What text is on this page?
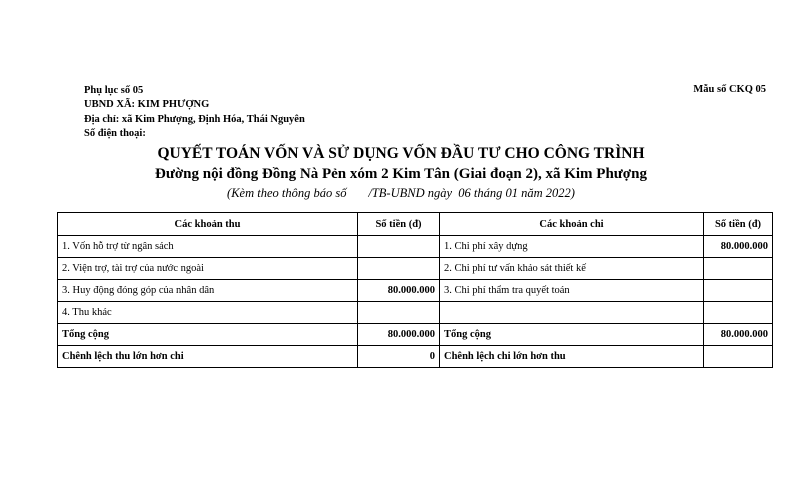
Phụ lục số 05	Mẫu số CKQ 05
UBND XÃ: KIM PHƯỢNG
Địa chỉ: xã Kim Phượng, Định Hóa, Thái Nguyên
Số điện thoại:
QUYẾT TOÁN VỐN VÀ SỬ DỤNG VỐN ĐẦU TƯ CHO CÔNG TRÌNH
Đường nội đồng Đồng Nà Pẻn xóm 2 Kim Tân (Giai đoạn 2), xã Kim Phượng
(Kèm theo thông báo số       /TB-UBND ngày  06 tháng 01 năm 2022)
Các khoản thu	Số tiền (đ)	Các khoản chi	Số tiền (đ)
1. Vốn hỗ trợ từ ngân sách		1. Chi phí xây dựng	80.000.000
2. Viện trợ, tài trợ của nước ngoài		2. Chi phí tư vấn khảo sát thiết kế	
3. Huy động đóng góp của nhân dân	80.000.000	3. Chi phí thẩm tra quyết toán	
4. Thu khác			
Tổng cộng	80.000.000	Tổng cộng	80.000.000
Chênh lệch thu lớn hơn chi	0	Chênh lệch chi lớn hơn thu	
